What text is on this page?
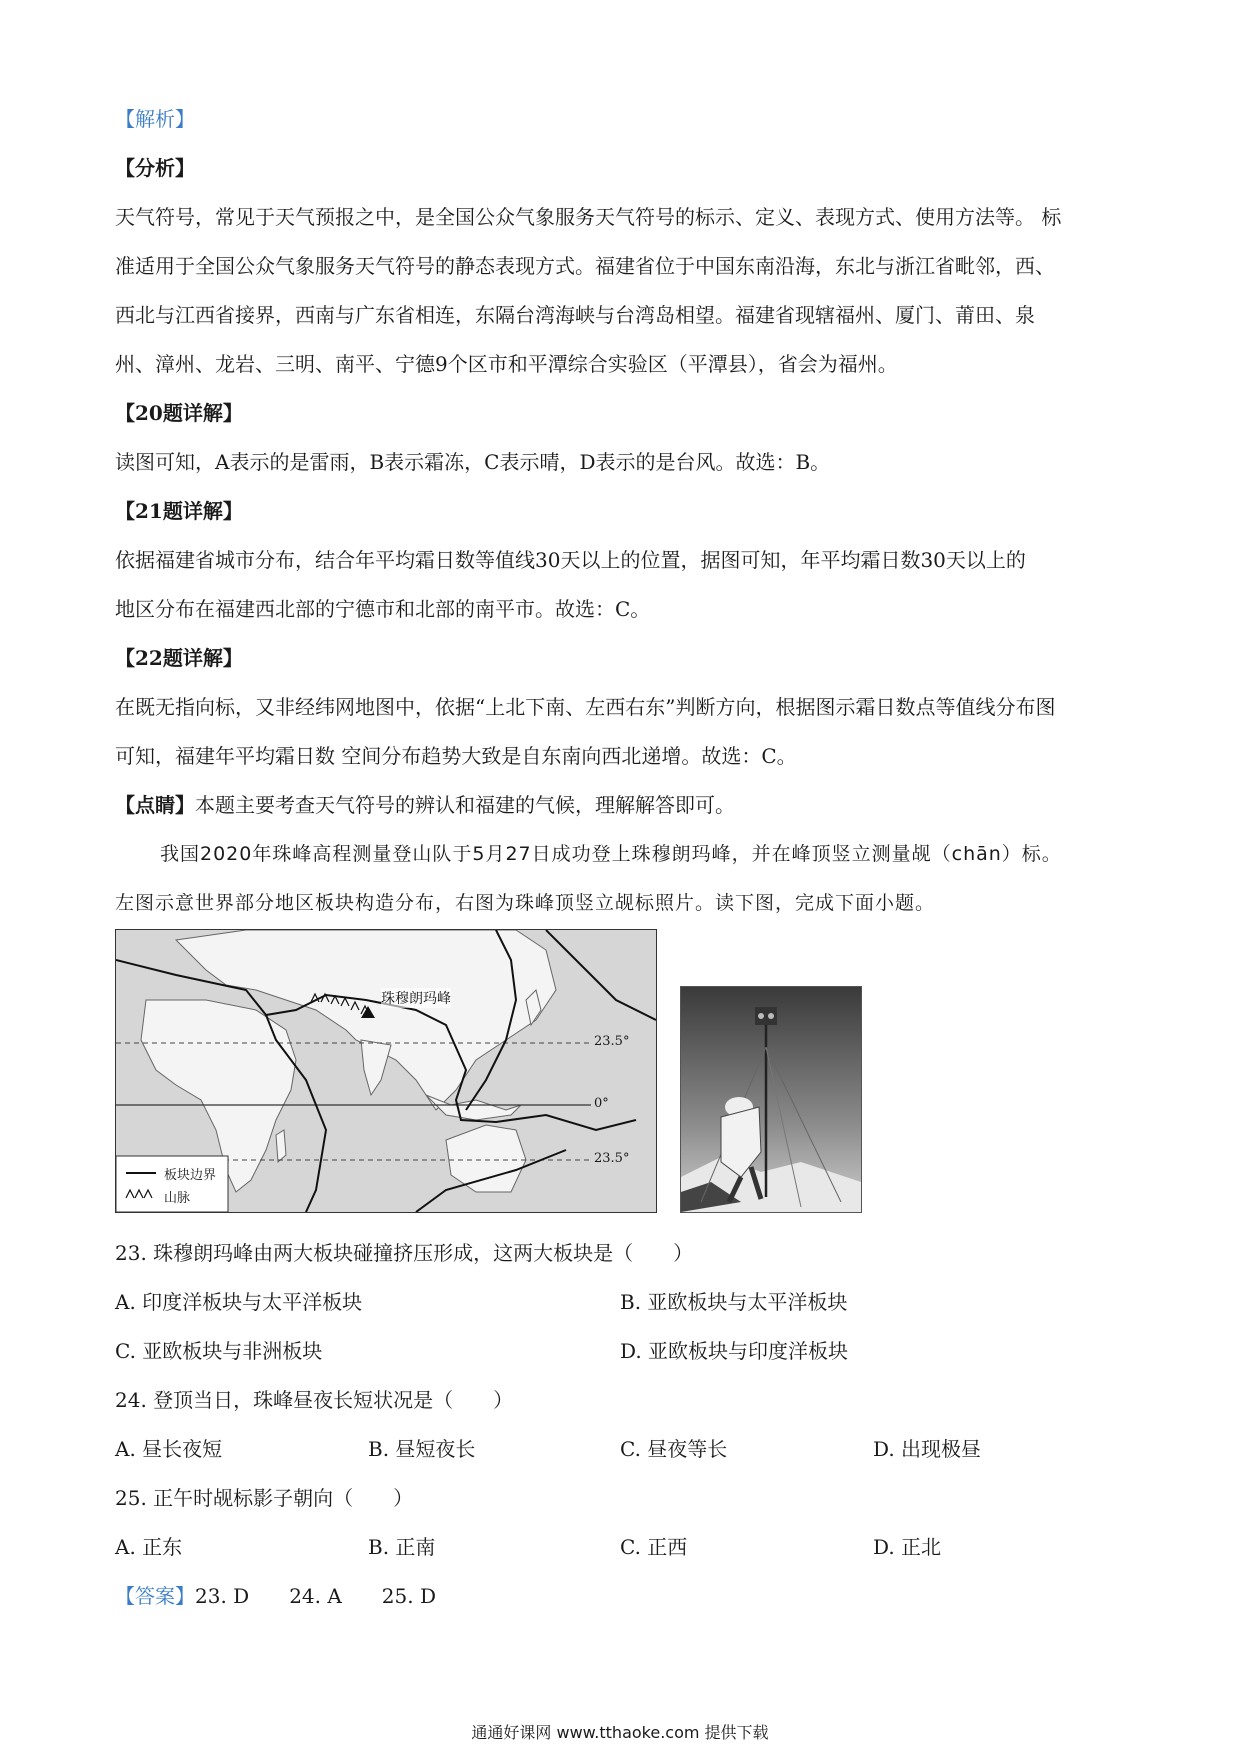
【解析】
【分析】
天气符号，常见于天气预报之中，是全国公众气象服务天气符号的标示、定义、表现方式、使用方法等。 标
准适用于全国公众气象服务天气符号的静态表现方式。福建省位于中国东南沿海，东北与浙江省毗邻，西、
西北与江西省接界，西南与广东省相连，东隔台湾海峡与台湾岛相望。福建省现辖福州、厦门、莆田、泉
州、漳州、龙岩、三明、南平、宁德9个区市和平潭综合实验区（平潭县），省会为福州。
【20题详解】
读图可知，A表示的是雷雨，B表示霜冻，C表示晴，D表示的是台风。故选：B。
【21题详解】
依据福建省城市分布，结合年平均霜日数等值线30天以上的位置，据图可知，年平均霜日数30天以上的
地区分布在福建西北部的宁德市和北部的南平市。故选：C。
【22题详解】
在既无指向标，又非经纬网地图中，依据“上北下南、左西右东”判断方向，根据图示霜日数点等值线分布图
可知，福建年平均霜日数 空间分布趋势大致是自东南向西北递增。故选：C。
【点睛】本题主要考查天气符号的辨认和福建的气候，理解解答即可。
我国2020年珠峰高程测量登山队于5月27日成功登上珠穆朗玛峰，并在峰顶竖立测量觇（chān）标。
左图示意世界部分地区板块构造分布，右图为珠峰顶竖立觇标照片。读下图，完成下面小题。
珠穆朗玛峰
23.5°
0°
23.5°
板块边界
山脉
23. 珠穆朗玛峰由两大板块碰撞挤压形成，这两大板块是（　　）
A. 印度洋板块与太平洋板块	B. 亚欧板块与太平洋板块
C. 亚欧板块与非洲板块	D. 亚欧板块与印度洋板块
24. 登顶当日，珠峰昼夜长短状况是（　　）
A. 昼长夜短	B. 昼短夜长	C. 昼夜等长	D. 出现极昼
25. 正午时觇标影子朝向（　　）
A. 正东	B. 正南	C. 正西	D. 正北
【答案】23. D　　24. A　　25. D
通通好课网 www.tthaoke.com 提供下载
